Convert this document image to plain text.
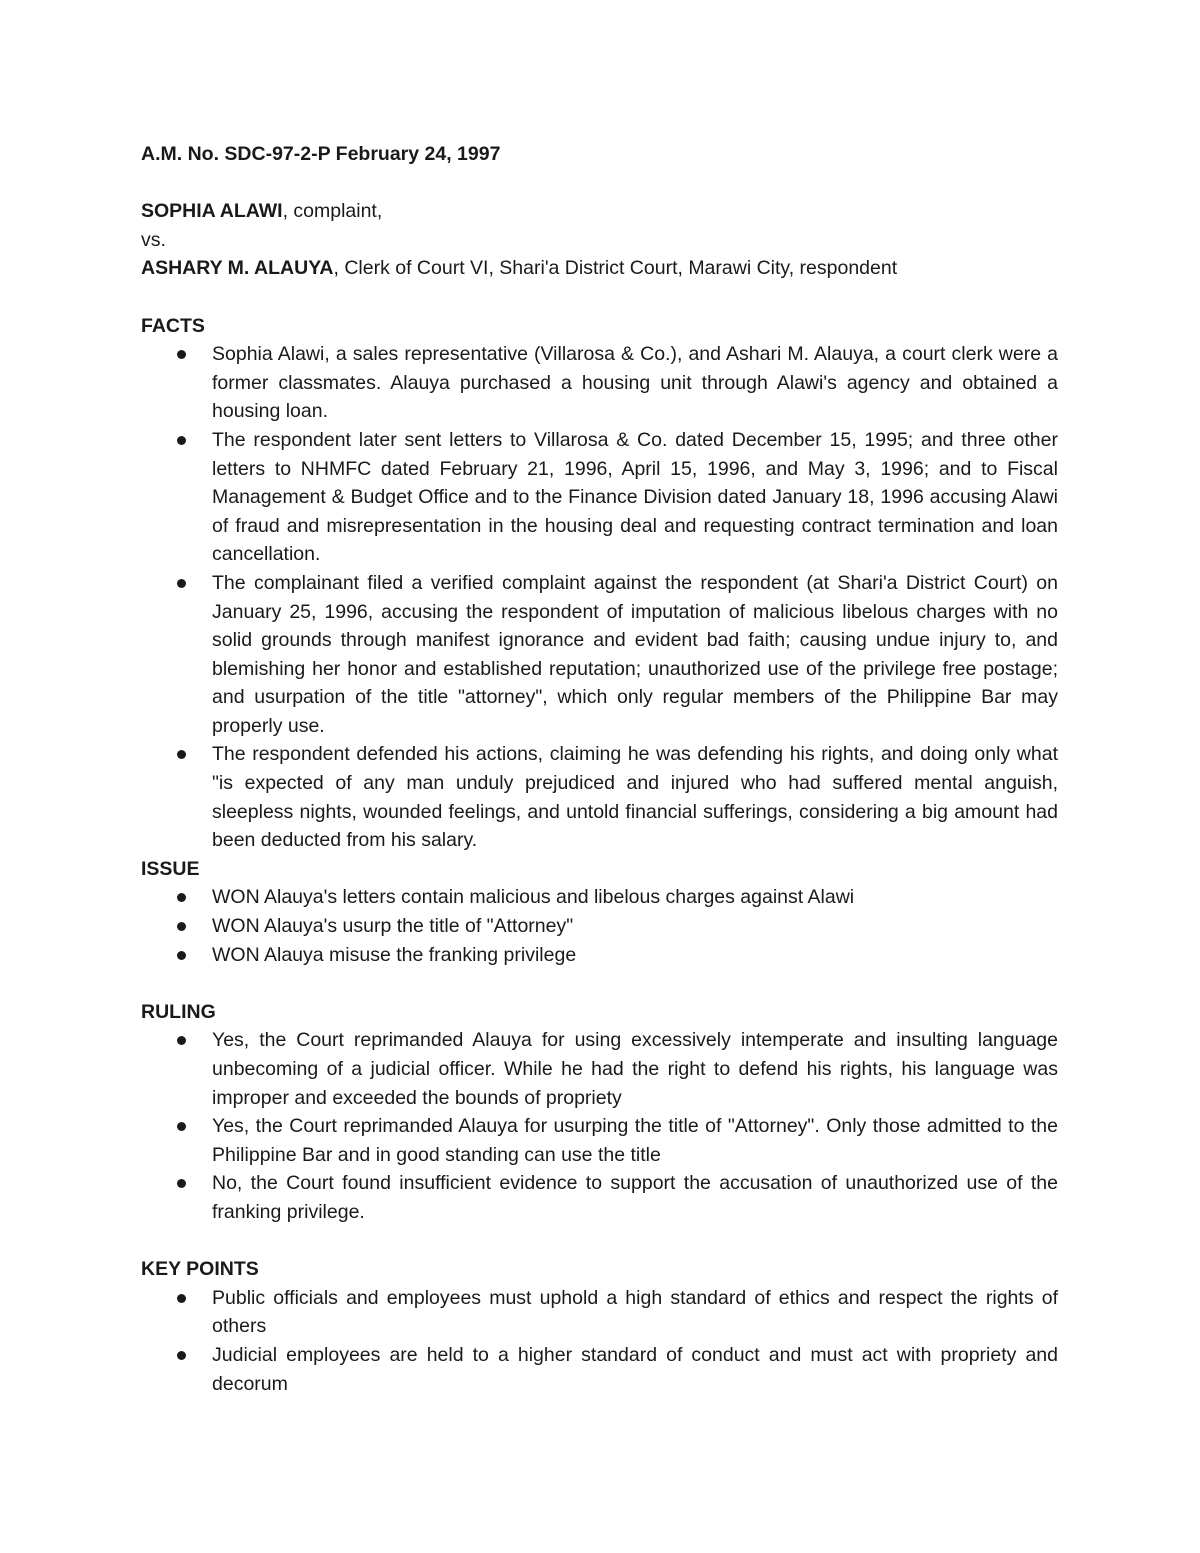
A.M. No. SDC-97-2-P February 24, 1997

SOPHIA ALAWI, complaint,

vs.

ASHARY M. ALAUYA, Clerk of Court VI, Shari'a District Court, Marawi City, respondent

FACTS

Sophia Alawi, a sales representative (Villarosa & Co.), and Ashari M. Alauya, a court clerk were a former classmates. Alauya purchased a housing unit through Alawi's agency and obtained a housing loan.
The respondent later sent letters to Villarosa & Co. dated December 15, 1995; and three other letters to NHMFC dated February 21, 1996, April 15, 1996, and May 3, 1996; and to Fiscal Management & Budget Office and to the Finance Division dated January 18, 1996 accusing Alawi of fraud and misrepresentation in the housing deal and requesting contract termination and loan cancellation.
The complainant filed a verified complaint against the respondent (at Shari'a District Court) on January 25, 1996, accusing the respondent of imputation of malicious libelous charges with no solid grounds through manifest ignorance and evident bad faith; causing undue injury to, and blemishing her honor and established reputation; unauthorized use of the privilege free postage; and usurpation of the title "attorney", which only regular members of the Philippine Bar may properly use.
The respondent defended his actions, claiming he was defending his rights, and doing only what "is expected of any man unduly prejudiced and injured who had suffered mental anguish, sleepless nights, wounded feelings, and untold financial sufferings, considering a big amount had been deducted from his salary.

ISSUE

WON Alauya's letters contain malicious and libelous charges against Alawi
WON Alauya's usurp the title of "Attorney"
WON Alauya misuse the franking privilege

RULING

Yes, the Court reprimanded Alauya for using excessively intemperate and insulting language unbecoming of a judicial officer. While he had the right to defend his rights, his language was improper and exceeded the bounds of propriety
Yes, the Court reprimanded Alauya for usurping the title of "Attorney". Only those admitted to the Philippine Bar and in good standing can use the title
No, the Court found insufficient evidence to support the accusation of unauthorized use of the franking privilege.

KEY POINTS

Public officials and employees must uphold a high standard of ethics and respect the rights of others
Judicial employees are held to a higher standard of conduct and must act with propriety and decorum
